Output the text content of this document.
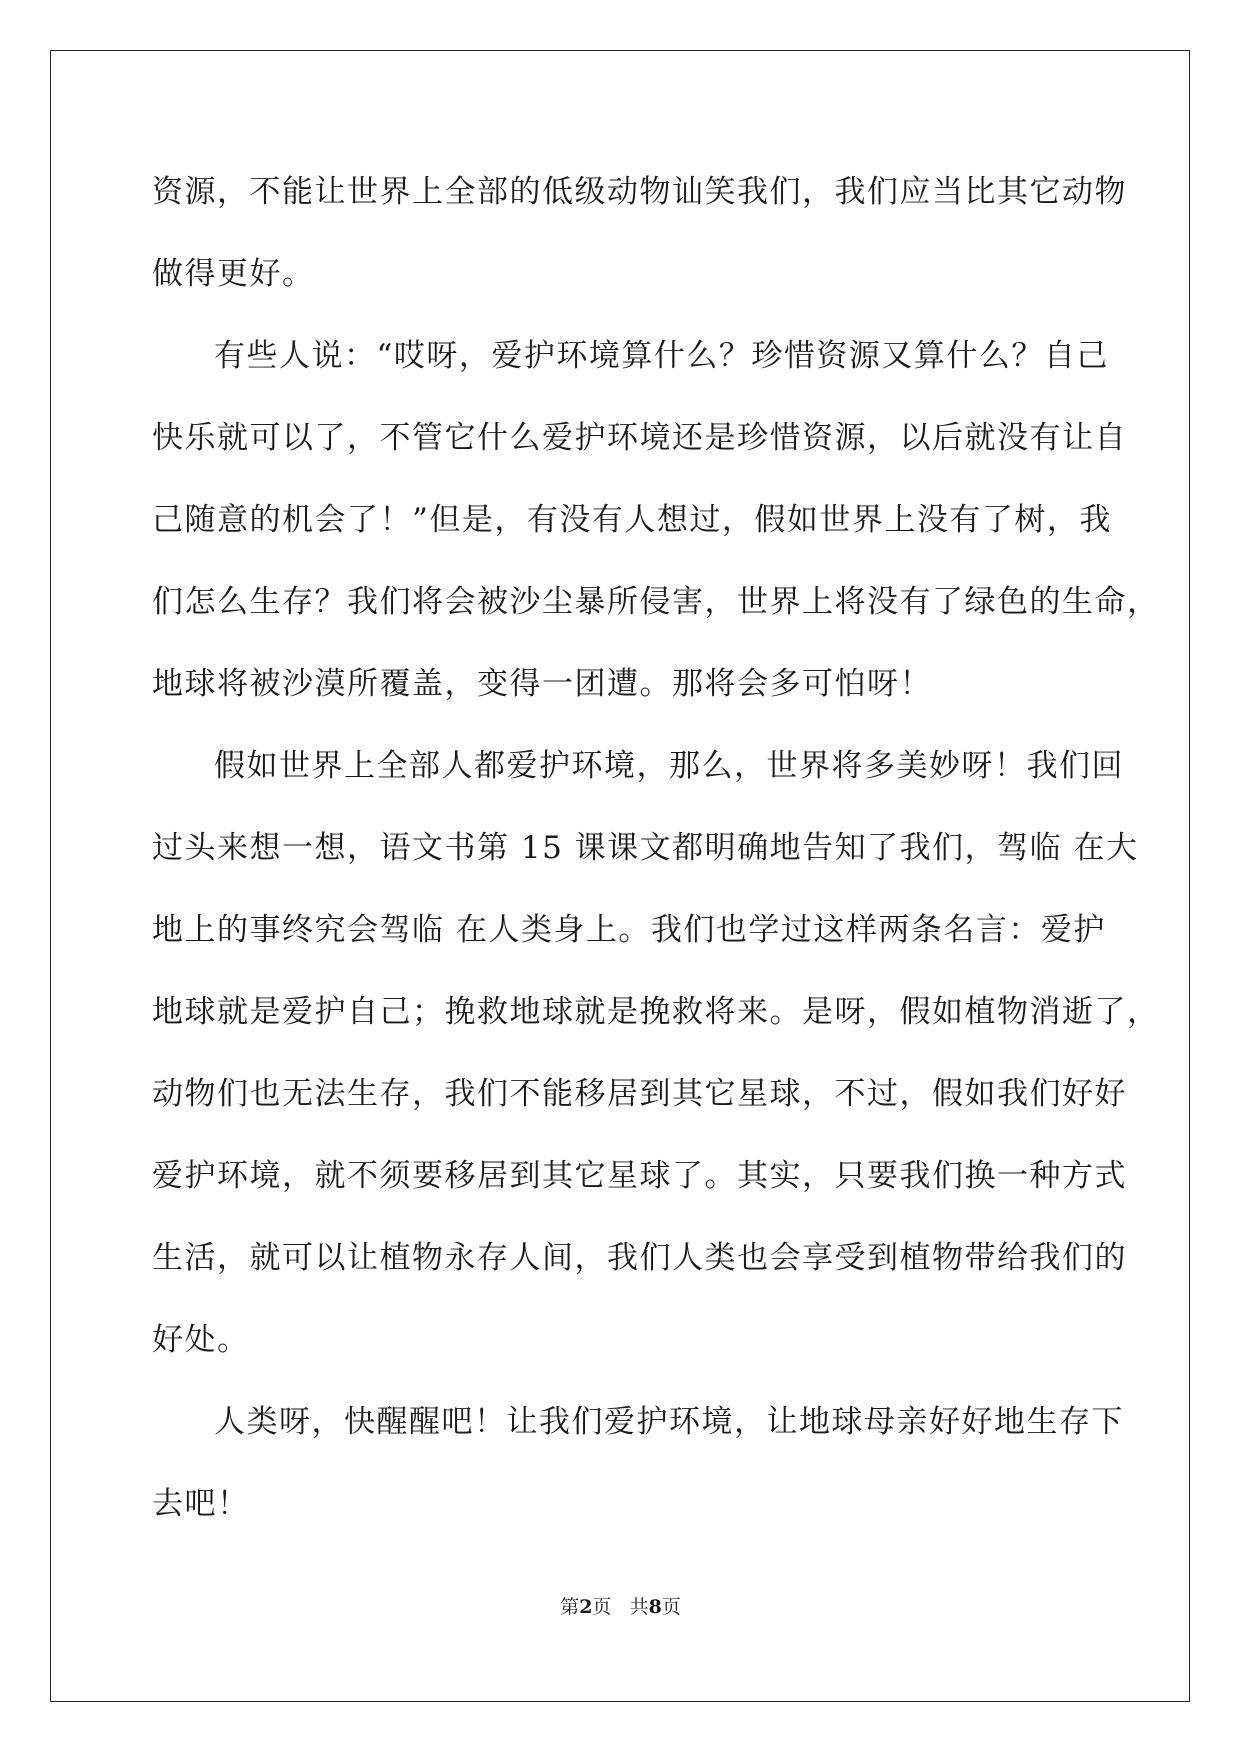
资源，不能让世界上全部的低级动物讪笑我们，我们应当比其它动物
做得更好。
有些人说：“哎呀，爱护环境算什么？珍惜资源又算什么？自己
快乐就可以了，不管它什么爱护环境还是珍惜资源，以后就没有让自
己随意的机会了！”但是，有没有人想过，假如世界上没有了树，我
们怎么生存？我们将会被沙尘暴所侵害，世界上将没有了绿色的生命，
地球将被沙漠所覆盖，变得一团遭。那将会多可怕呀！
假如世界上全部人都爱护环境，那么，世界将多美妙呀！我们回
过头来想一想，语文书第 15 课课文都明确地告知了我们，驾临 在大
地上的事终究会驾临 在人类身上。我们也学过这样两条名言：爱护
地球就是爱护自己；挽救地球就是挽救将来。是呀，假如植物消逝了，
动物们也无法生存，我们不能移居到其它星球，不过，假如我们好好
爱护环境，就不须要移居到其它星球了。其实，只要我们换一种方式
生活，就可以让植物永存人间，我们人类也会享受到植物带给我们的
好处。
人类呀，快醒醒吧！让我们爱护环境，让地球母亲好好地生存下
去吧！
第2页 共8页
